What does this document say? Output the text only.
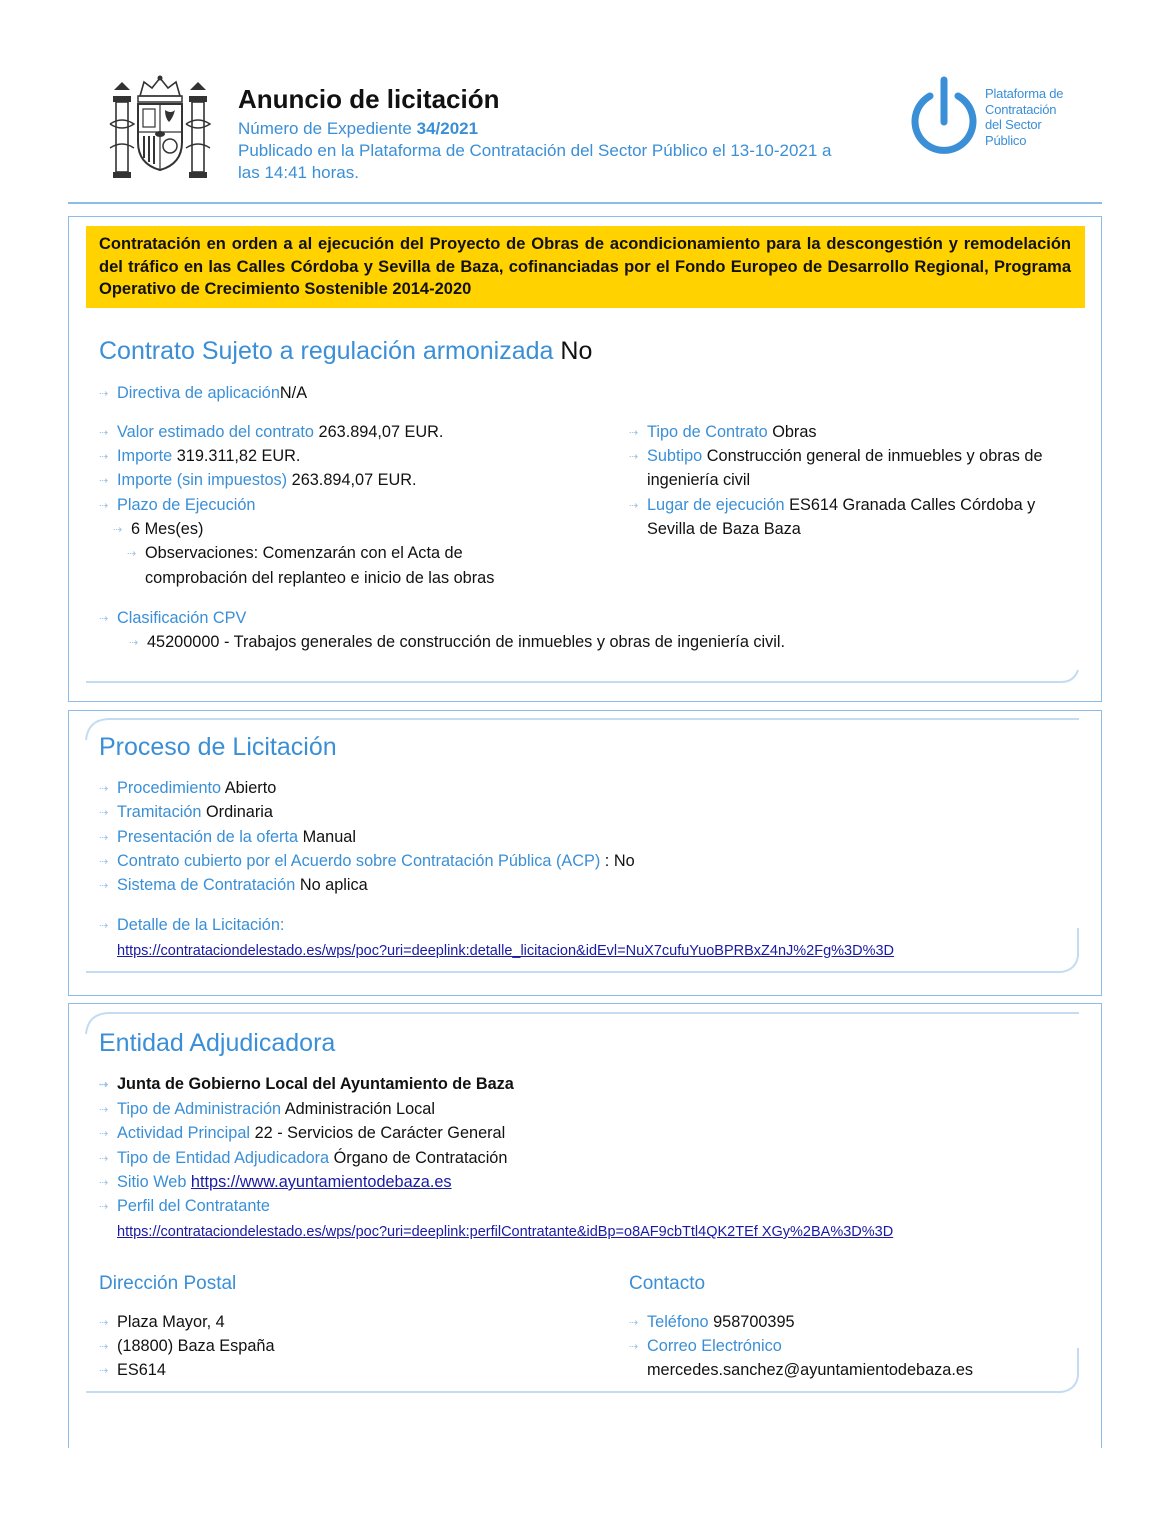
Anuncio de licitación
Número de Expediente 34/2021
Publicado en la Plataforma de Contratación del Sector Público el 13-10-2021 a
las 14:41 horas.
Plataforma de
Contratación
del Sector
Público
Contratación en orden a al ejecución del Proyecto de Obras de acondicionamiento para la descongestión y remodelación del tráfico en las Calles Córdoba y Sevilla de Baza, cofinanciadas por el Fondo Europeo de Desarrollo Regional, Programa Operativo de Crecimiento Sostenible 2014-2020
Contrato Sujeto a regulación armonizada No
⇢ Directiva de aplicaciónN/A
⇢ Valor estimado del contrato 263.894,07 EUR.
⇢ Importe 319.311,82 EUR.
⇢ Importe (sin impuestos) 263.894,07 EUR.
⇢ Plazo de Ejecución
⇢ 6 Mes(es)
⇢ Observaciones: Comenzarán con el Acta de
comprobación del replanteo e inicio de las obras
⇢ Tipo de Contrato Obras
⇢ Subtipo Construcción general de inmuebles y obras de
ingeniería civil
⇢ Lugar de ejecución ES614 Granada Calles Córdoba y
Sevilla de Baza Baza
⇢ Clasificación CPV
⇢ 45200000 - Trabajos generales de construcción de inmuebles y obras de ingeniería civil.
Proceso de Licitación
⇢ Procedimiento Abierto
⇢ Tramitación Ordinaria
⇢ Presentación de la oferta Manual
⇢ Contrato cubierto por el Acuerdo sobre Contratación Pública (ACP) : No
⇢ Sistema de Contratación No aplica
⇢ Detalle de la Licitación:
https://contrataciondelestado.es/wps/poc?uri=deeplink:detalle_licitacion&idEvl=NuX7cufuYuoBPRBxZ4nJ%2Fg%3D%3D
Entidad Adjudicadora
⇢ Junta de Gobierno Local del Ayuntamiento de Baza
⇢ Tipo de Administración Administración Local
⇢ Actividad Principal 22 - Servicios de Carácter General
⇢ Tipo de Entidad Adjudicadora Órgano de Contratación
⇢ Sitio Web https://www.ayuntamientodebaza.es
⇢ Perfil del Contratante
https://contrataciondelestado.es/wps/poc?uri=deeplink:perfilContratante&idBp=o8AF9cbTtl4QK2TEf XGy%2BA%3D%3D
Dirección Postal	Contacto
⇢ Plaza Mayor, 4
⇢ (18800) Baza España
⇢ ES614
⇢ Teléfono 958700395
⇢ Correo Electrónico
mercedes.sanchez@ayuntamientodebaza.es
